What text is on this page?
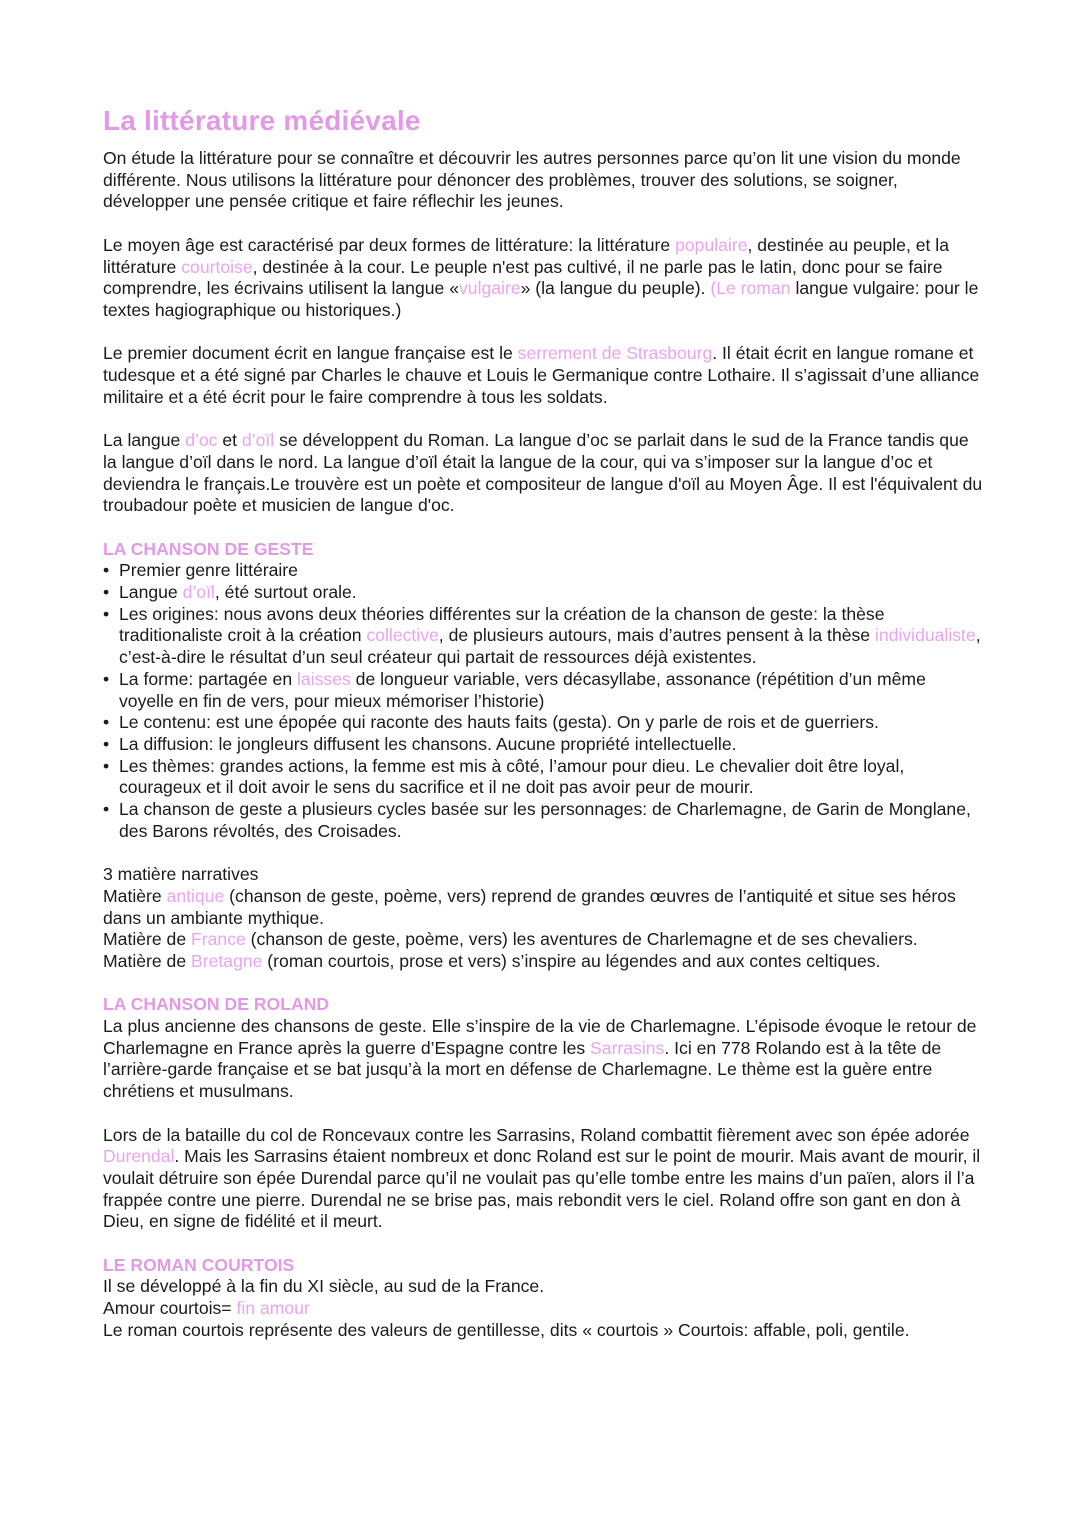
La littérature médiévale

On étude la littérature pour se connaître et découvrir les autres personnes parce qu’on lit une vision du monde différente. Nous utilisons la littérature pour dénoncer des problèmes, trouver des solutions, se soigner, développer une pensée critique et faire réflechir les jeunes.

Le moyen âge est caractérisé par deux formes de littérature: la littérature populaire, destinée au peuple, et la littérature courtoise, destinée à la cour. Le peuple n'est pas cultivé, il ne parle pas le latin, donc pour se faire comprendre, les écrivains utilisent la langue «vulgaire» (la langue du peuple). (Le roman langue vulgaire: pour le textes hagiographique ou historiques.)

Le premier document écrit en langue française est le serrement de Strasbourg. Il était écrit en langue romane et tudesque et a été signé par Charles le chauve et Louis le Germanique contre Lothaire. Il s’agissait d’une alliance militaire et a été écrit pour le faire comprendre à tous les soldats.

La langue d’oc et d’oïl se développent du Roman. La langue d’oc se parlait dans le sud de la France tandis que la langue d’oïl dans le nord. La langue d’oïl était la langue de la cour, qui va s’imposer sur la langue d’oc et deviendra le français.Le trouvère est un poète et compositeur de langue d'oïl au Moyen Âge. Il est l'équivalent du troubadour poète et musicien de langue d'oc.

LA CHANSON DE GESTE

• Premier genre littéraire
• Langue d’oïl, été surtout orale.
• Les origines: nous avons deux théories différentes sur la création de la chanson de geste: la thèse traditionaliste croit à la création collective, de plusieurs autours, mais d’autres pensent à la thèse individualiste, c’est-à-dire le résultat d’un seul créateur qui partait de ressources déjà existentes.
• La forme: partagée en laisses de longueur variable, vers décasyllabe, assonance (répétition d’un même voyelle en fin de vers, pour mieux mémoriser l’historie)
• Le contenu: est une épopée qui raconte des hauts faits (gesta). On y parle de rois et de guerriers.
• La diffusion: le jongleurs diffusent les chansons. Aucune propriété intellectuelle.
• Les thèmes: grandes actions, la femme est mis à côté, l’amour pour dieu. Le chevalier doit être loyal, courageux et il doit avoir le sens du sacrifice et il ne doit pas avoir peur de mourir.
• La chanson de geste a plusieurs cycles basée sur les personnages: de Charlemagne, de Garin de Monglane, des Barons révoltés, des Croisades.

3 matière narratives

Matière antique (chanson de geste, poème, vers) reprend de grandes œuvres de l’antiquité et situe ses héros dans un ambiante mythique.

Matière de France (chanson de geste, poème, vers) les aventures de Charlemagne et de ses chevaliers.

Matière de Bretagne (roman courtois, prose et vers) s’inspire au légendes and aux contes celtiques.

LA CHANSON DE ROLAND

La plus ancienne des chansons de geste. Elle s’inspire de la vie de Charlemagne. L’épisode évoque le retour de Charlemagne en France après la guerre d’Espagne contre les Sarrasins. Ici en 778 Rolando est à la tête de l’arrière-garde française et se bat jusqu’à la mort en défense de Charlemagne. Le thème est la guère entre chrétiens et musulmans.

Lors de la bataille du col de Roncevaux contre les Sarrasins, Roland combattit fièrement avec son épée adorée Durendal. Mais les Sarrasins étaient nombreux et donc Roland est sur le point de mourir. Mais avant de mourir, il voulait détruire son épée Durendal parce qu’il ne voulait pas qu’elle tombe entre les mains d’un païen, alors il l’a frappée contre une pierre. Durendal ne se brise pas, mais rebondit vers le ciel. Roland offre son gant en don à Dieu, en signe de fidélité et il meurt.

LE ROMAN COURTOIS

Il se développé à la fin du XI siècle, au sud de la France.

Amour courtois= fin amour

Le roman courtois représente des valeurs de gentillesse, dits « courtois » Courtois: affable, poli, gentile.
